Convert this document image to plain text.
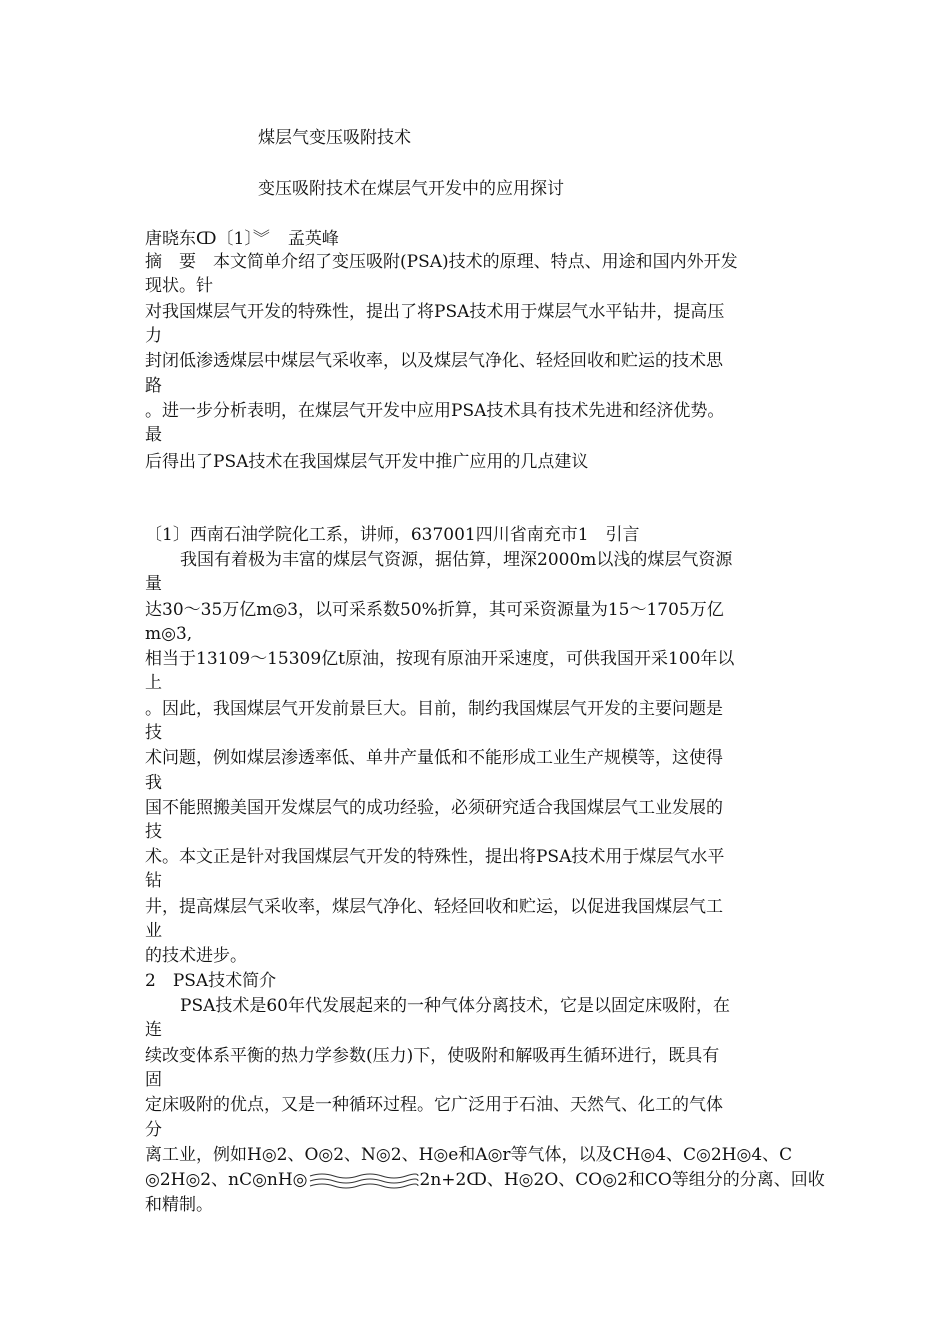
煤层气变压吸附技术
变压吸附技术在煤层气开发中的应用探讨
唐晓东ↀ〔1〕︾ 孟英峰
摘　要　本文简单介绍了变压吸附(PSA)技术的原理、特点、用途和国内外开发
现状。针
对我国煤层气开发的特殊性，提出了将PSA技术用于煤层气水平钻井，提高压
力
封闭低渗透煤层中煤层气采收率，以及煤层气净化、轻烃回收和贮运的技术思
路
。进一步分析表明，在煤层气开发中应用PSA技术具有技术先进和经济优势。
最
后得出了PSA技术在我国煤层气开发中推广应用的几点建议
〔1〕西南石油学院化工系，讲师，637001四川省南充市1　引言
我国有着极为丰富的煤层气资源，据估算，埋深2000m以浅的煤层气资源
量
达30～35万亿m◎3，以可采系数50%折算，其可采资源量为15～1705万亿
m◎3,
相当于13109～15309亿t原油，按现有原油开采速度，可供我国开采100年以
上
。因此，我国煤层气开发前景巨大。目前，制约我国煤层气开发的主要问题是
技
术问题，例如煤层渗透率低、单井产量低和不能形成工业生产规模等，这使得
我
国不能照搬美国开发煤层气的成功经验，必须研究适合我国煤层气工业发展的
技
术。本文正是针对我国煤层气开发的特殊性，提出将PSA技术用于煤层气水平
钻
井，提高煤层气采收率，煤层气净化、轻烃回收和贮运，以促进我国煤层气工
业
的技术进步。
2　PSA技术简介
PSA技术是60年代发展起来的一种气体分离技术，它是以固定床吸附，在
连
续改变体系平衡的热力学参数(压力)下，使吸附和解吸再生循环进行，既具有
固
定床吸附的优点，又是一种循环过程。它广泛用于石油、天然气、化工的气体
分
离工业，例如H◎2、O◎2、N◎2、H◎e和A◎r等气体，以及CH◎4、C◎2H◎4、C
◎2H◎2、nC◎nH◎	2n+2ↀ、H◎2O、CO◎2和CO等组分的分离、回收
和精制。
